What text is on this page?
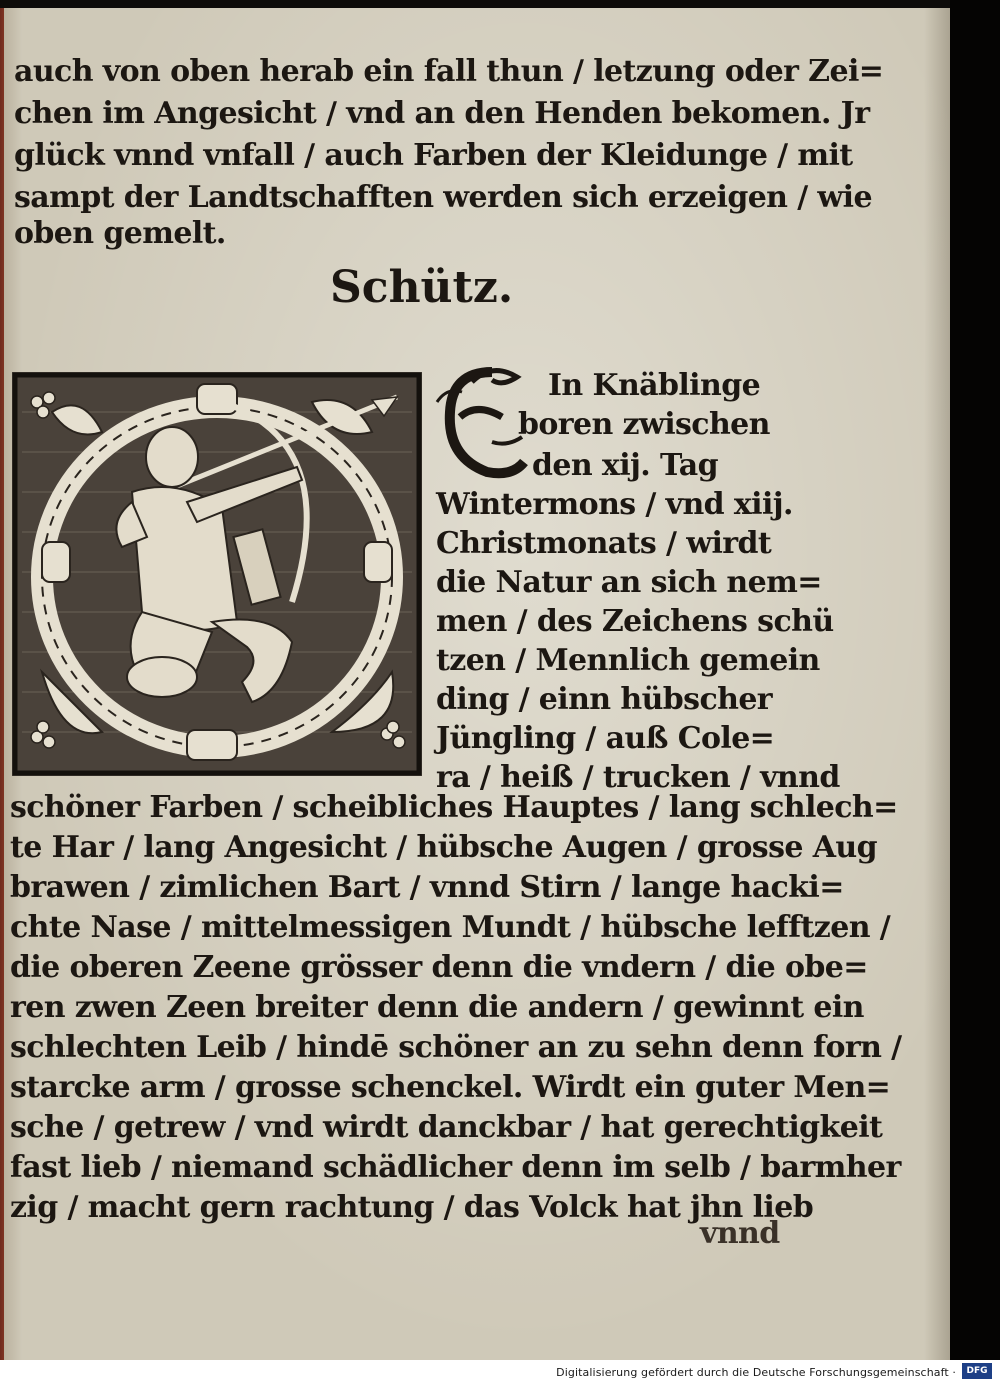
auch von oben herab ein fall thun / letzung oder Zei=
chen im Angesicht / vnd an den Henden bekomen. Jr
glück vnnd vnfall / auch Farben der Kleidunge / mit
sampt der Landtschafften werden sich erzeigen / wie
oben gemelt.
Schütz.
In Knäblinge
boren zwischen
den xij. Tag
Wintermons / vnd xiij.
Christmonats / wirdt
die Natur an sich nem=
men / des Zeichens schü
tzen / Mennlich gemein
ding / einn hübscher
Jüngling / auß Cole=
ra / heiß / trucken / vnnd
schöner Farben / scheibliches Hauptes / lang schlech=
te Har / lang Angesicht / hübsche Augen / grosse Aug
brawen / zimlichen Bart / vnnd Stirn / lange hacki=
chte Nase / mittelmessigen Mundt / hübsche lefftzen /
die oberen Zeene grösser denn die vndern / die obe=
ren zwen Zeen breiter denn die andern / gewinnt ein
schlechten Leib / hindē schöner an zu sehn denn forn /
starcke arm / grosse schenckel. Wirdt ein guter Men=
sche / getrew / vnd wirdt danckbar / hat gerechtigkeit
fast lieb / niemand schädlicher denn im selb / barmher
zig / macht gern rachtung / das Volck hat jhn lieb
vnnd
Digitalisierung gefördert durch die Deutsche Forschungsgemeinschaft ·	DFG
